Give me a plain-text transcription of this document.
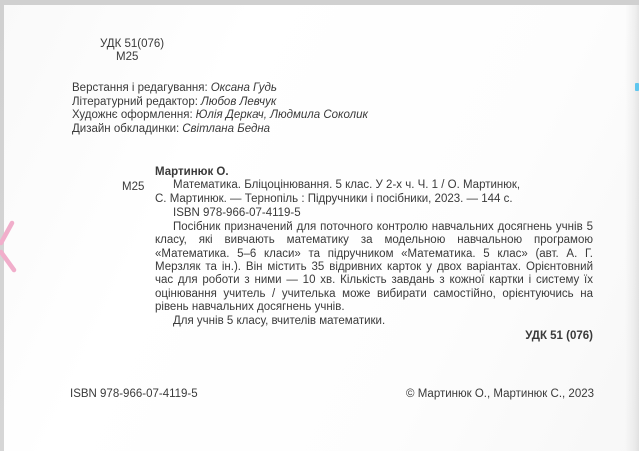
УДК 51(076)
М25
Верстання і редагування: Оксана Гудь
Літературний редактор: Любов Левчук
Художнє оформлення: Юлія Деркач, Людмила Соколик
Дизайн обкладинки: Світлана Бедна
Мартинюк О.
М25	Математика. Бліцоцінювання. 5 клас. У 2-х ч. Ч. 1 / О. Мартинюк,
С. Мартинюк. — Тернопіль : Підручники і посібники, 2023. — 144 с.
ISBN 978-966-07-4119-5
Посібник призначений для поточного контролю навчальних досягнень учнів 5 класу, які вивчають математику за модельною навчальною програмою «Математика. 5–6 класи» та підручником «Математика. 5 клас» (авт. А. Г. Мерзляк та ін.). Він містить 35 відривних карток у двох варіантах. Орієнтовний час для роботи з ними — 10 хв. Кількість завдань з кожної картки і систему їх оцінювання учитель / учителька може вибирати самостійно, орієнтуючись на рівень навчальних досягнень учнів.
Для учнів 5 класу, вчителів математики.
УДК 51 (076)
ISBN 978-966-07-4119-5	© Мартинюк О., Мартинюк С., 2023
